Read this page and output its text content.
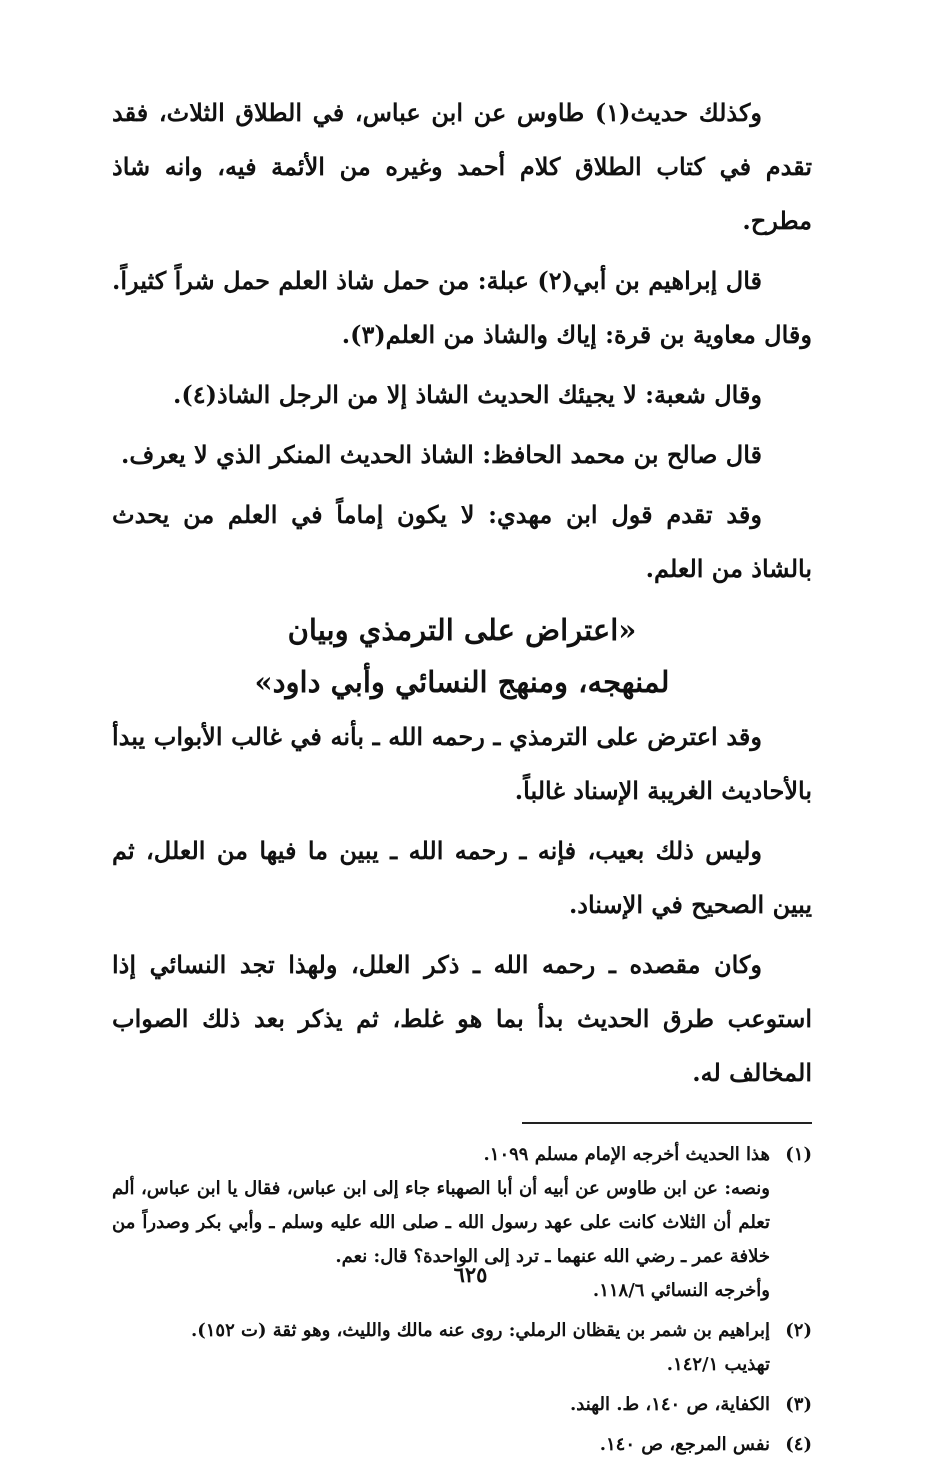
وكذلك حديث(١) طاوس عن ابن عباس، في الطلاق الثلاث، فقد تقدم في كتاب الطلاق كلام أحمد وغيره من الأئمة فيه، وانه شاذ مطرح.

قال إبراهيم بن أبي(٢) عبلة: من حمل شاذ العلم حمل شراً كثيراً. وقال معاوية بن قرة: إياك والشاذ من العلم(٣).

وقال شعبة: لا يجيئك الحديث الشاذ إلا من الرجل الشاذ(٤).

قال صالح بن محمد الحافظ: الشاذ الحديث المنكر الذي لا يعرف.

وقد تقدم قول ابن مهدي: لا يكون إماماً في العلم من يحدث بالشاذ من العلم.

«اعتراض على الترمذي وبيان
لمنهجه، ومنهج النسائي وأبي داود»

وقد اعترض على الترمذي ـ رحمه الله ـ بأنه في غالب الأبواب يبدأ بالأحاديث الغريبة الإسناد غالباً.

وليس ذلك بعيب، فإنه ـ رحمه الله ـ يبين ما فيها من العلل، ثم يبين الصحيح في الإسناد.

وكان مقصده ـ رحمه الله ـ ذكر العلل، ولهذا تجد النسائي إذا استوعب طرق الحديث بدأ بما هو غلط، ثم يذكر بعد ذلك الصواب المخالف له.

(١)
هذا الحديث أخرجه الإمام مسلم ١٠٩٩.
ونصه: عن ابن طاوس عن أبيه أن أبا الصهباء جاء إلى ابن عباس، فقال يا ابن عباس، ألم تعلم أن الثلاث كانت على عهد رسول الله ـ صلى الله عليه وسلم ـ وأبي بكر وصدراً من خلافة عمر ـ رضي الله عنهما ـ ترد إلى الواحدة؟ قال: نعم.
وأخرجه النسائي ١١٨/٦.
(٢)
إبراهيم بن شمر بن يقظان الرملي: روى عنه مالك والليث، وهو ثقة (ت ١٥٢).
تهذيب ١٤٢/١.
(٣)
الكفاية، ص ١٤٠، ط. الهند.
(٤)
نفس المرجع، ص ١٤٠.
٦٢٥
